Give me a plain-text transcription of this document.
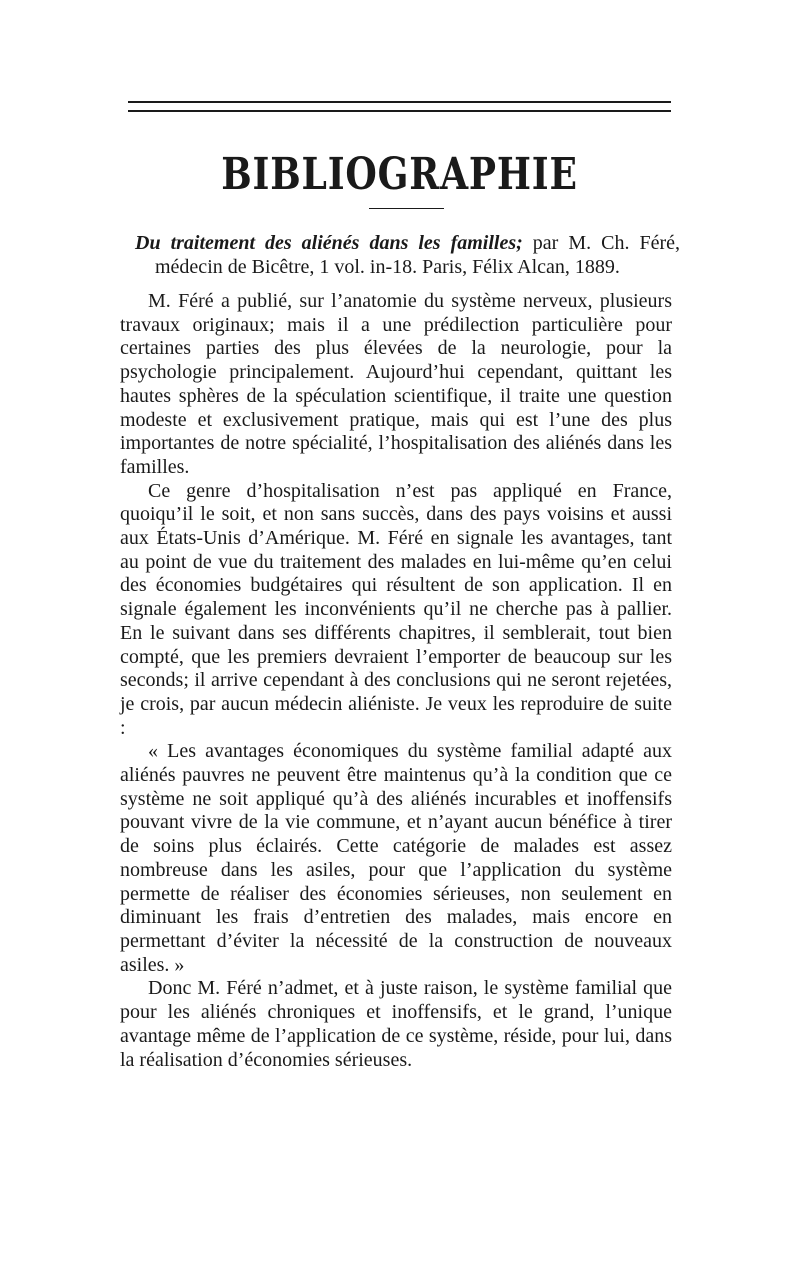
BIBLIOGRAPHIE
Du traitement des aliénés dans les familles; par M. Ch. Féré, médecin de Bicêtre, 1 vol. in-18. Paris, Félix Alcan, 1889.

M. Féré a publié, sur l’anatomie du système nerveux, plusieurs travaux originaux; mais il a une prédilection particulière pour certaines parties des plus élevées de la neurologie, pour la psychologie principalement. Aujourd’hui cependant, quittant les hautes sphères de la spéculation scientifique, il traite une question modeste et exclusivement pratique, mais qui est l’une des plus importantes de notre spécialité, l’hospitalisation des aliénés dans les familles.

Ce genre d’hospitalisation n’est pas appliqué en France, quoiqu’il le soit, et non sans succès, dans des pays voisins et aussi aux États-Unis d’Amérique. M. Féré en signale les avantages, tant au point de vue du traitement des malades en lui-même qu’en celui des économies budgétaires qui résultent de son application. Il en signale également les inconvénients qu’il ne cherche pas à pallier. En le suivant dans ses différents chapitres, il semblerait, tout bien compté, que les premiers devraient l’emporter de beaucoup sur les seconds; il arrive cependant à des conclusions qui ne seront rejetées, je crois, par aucun médecin aliéniste. Je veux les reproduire de suite :

« Les avantages économiques du système familial adapté aux aliénés pauvres ne peuvent être maintenus qu’à la condition que ce système ne soit appliqué qu’à des aliénés incurables et inoffensifs pouvant vivre de la vie commune, et n’ayant aucun bénéfice à tirer de soins plus éclairés. Cette catégorie de malades est assez nombreuse dans les asiles, pour que l’application du système permette de réaliser des économies sérieuses, non seulement en diminuant les frais d’entretien des malades, mais encore en permettant d’éviter la nécessité de la construction de nouveaux asiles. »

Donc M. Féré n’admet, et à juste raison, le système familial que pour les aliénés chroniques et inoffensifs, et le grand, l’unique avantage même de l’application de ce système, réside, pour lui, dans la réalisation d’économies sérieuses.
